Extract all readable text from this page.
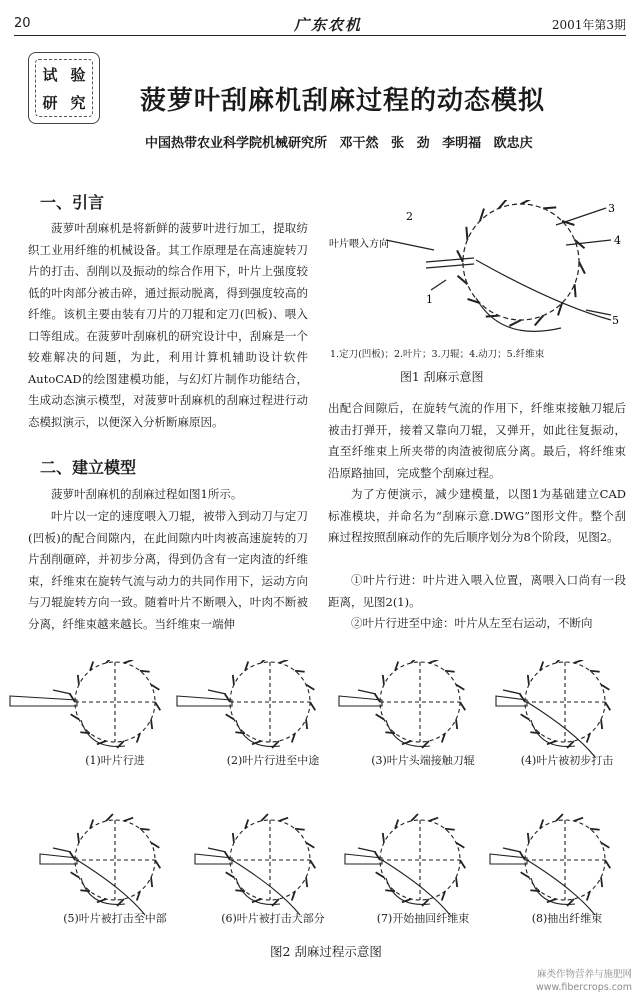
20	广东农机	2001年第3期
试 验
研 究 菠萝叶刮麻机刮麻过程的动态模拟
中国热带农业科学院机械研究所 邓干然 张 劲 李明福 欧忠庆
一、引言
菠萝叶刮麻机是将新鲜的菠萝叶进行加工，提取纺织工业用纤维的机械设备。其工作原理是在高速旋转刀片的打击、刮削以及振动的综合作用下，叶片上强度较低的叶肉部分被击碎，通过振动脱离，得到强度较高的纤维。该机主要由装有刀片的刀辊和定刀(凹板)、喂入口等组成。在菠萝叶刮麻机的研究设计中，刮麻是一个较难解决的问题，为此，利用计算机辅助设计软件AutoCAD的绘图建模功能，与幻灯片制作功能结合，生成动态演示模型，对菠萝叶刮麻机的刮麻过程进行动态模拟演示，以便深入分析断麻原因。
二、建立模型
菠萝叶刮麻机的刮麻过程如图1所示。
叶片以一定的速度喂入刀辊，被带入到动刀与定刀(凹板)的配合间隙内，在此间隙内叶肉被高速旋转的刀片刮削砸碎，并初步分离，得到仍含有一定肉渣的纤维束，纤维束在旋转气流与动力的共同作用下，运动方向与刀辊旋转方向一致。随着叶片不断喂入，叶肉不断被分离，纤维束越来越长。当纤维束一端伸
叶片喂入方向
2
1
3
4
5
1.定刀(凹板)；2.叶片；3.刀辊；4.动刀；5.纤维束
图1 刮麻示意图
出配合间隙后，在旋转气流的作用下，纤维束接触刀辊后被击打弹开，接着又靠向刀辊，又弹开，如此往复振动，直至纤维束上所夹带的肉渣被彻底分离。最后，将纤维束沿原路抽回，完成整个刮麻过程。
为了方便演示，减少建模量，以图1为基础建立CAD标准模块，并命名为“刮麻示意.DWG”图形文件。整个刮麻过程按照刮麻动作的先后顺序划分为8个阶段，见图2。
①叶片行进：叶片进入喂入位置，离喂入口尚有一段距离，见图2(1)。
②叶片行进至中途：叶片从左至右运动，不断向
(1)叶片行进	(2)叶片行进至中途	(3)叶片头端接触刀辊	(4)叶片被初步打击
(5)叶片被打击至中部	(6)叶片被打击大部分	(7)开始抽回纤维束	(8)抽出纤维束
图2 刮麻过程示意图
麻类作物营养与施肥网
www.fibercrops.com
